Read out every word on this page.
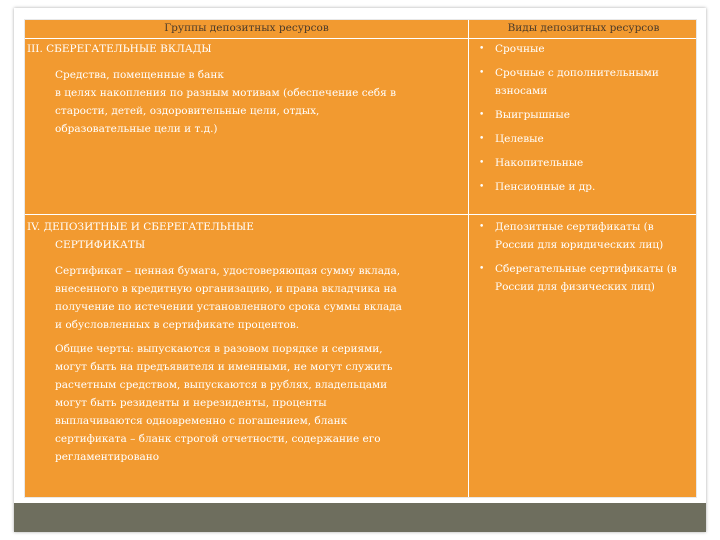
Группы депозитных ресурсов	Виды депозитных ресурсов
III. СБЕРЕГАТЕЛЬНЫЕ ВКЛАДЫ
Средства, помещенные в банк
в целях накопления по разным мотивам (обеспечение себя в
старости, детей, оздоровительные цели, отдых,
образовательные цели и т.д.)
• Срочные
• Срочные с дополнительными взносами
• Выигрышные
• Целевые
• Накопительные
• Пенсионные и др.
IV. ДЕПОЗИТНЫЕ И СБЕРЕГАТЕЛЬНЫЕ
СЕРТИФИКАТЫ
Сертификат – ценная бумага, удостоверяющая сумму вклада,
внесенного в кредитную организацию, и права вкладчика на
получение по истечении установленного срока суммы вклада
и обусловленных в сертификате процентов.
Общие черты: выпускаются в разовом порядке и сериями,
могут быть на предъявителя и именными, не могут служить
расчетным средством, выпускаются в рублях, владельцами
могут быть резиденты и нерезиденты, проценты
выплачиваются одновременно с погашением, бланк
сертификата – бланк строгой отчетности, содержание его
регламентировано
• Депозитные сертификаты (в России для юридических лиц)
• Сберегательные сертификаты (в России для физических лиц)
